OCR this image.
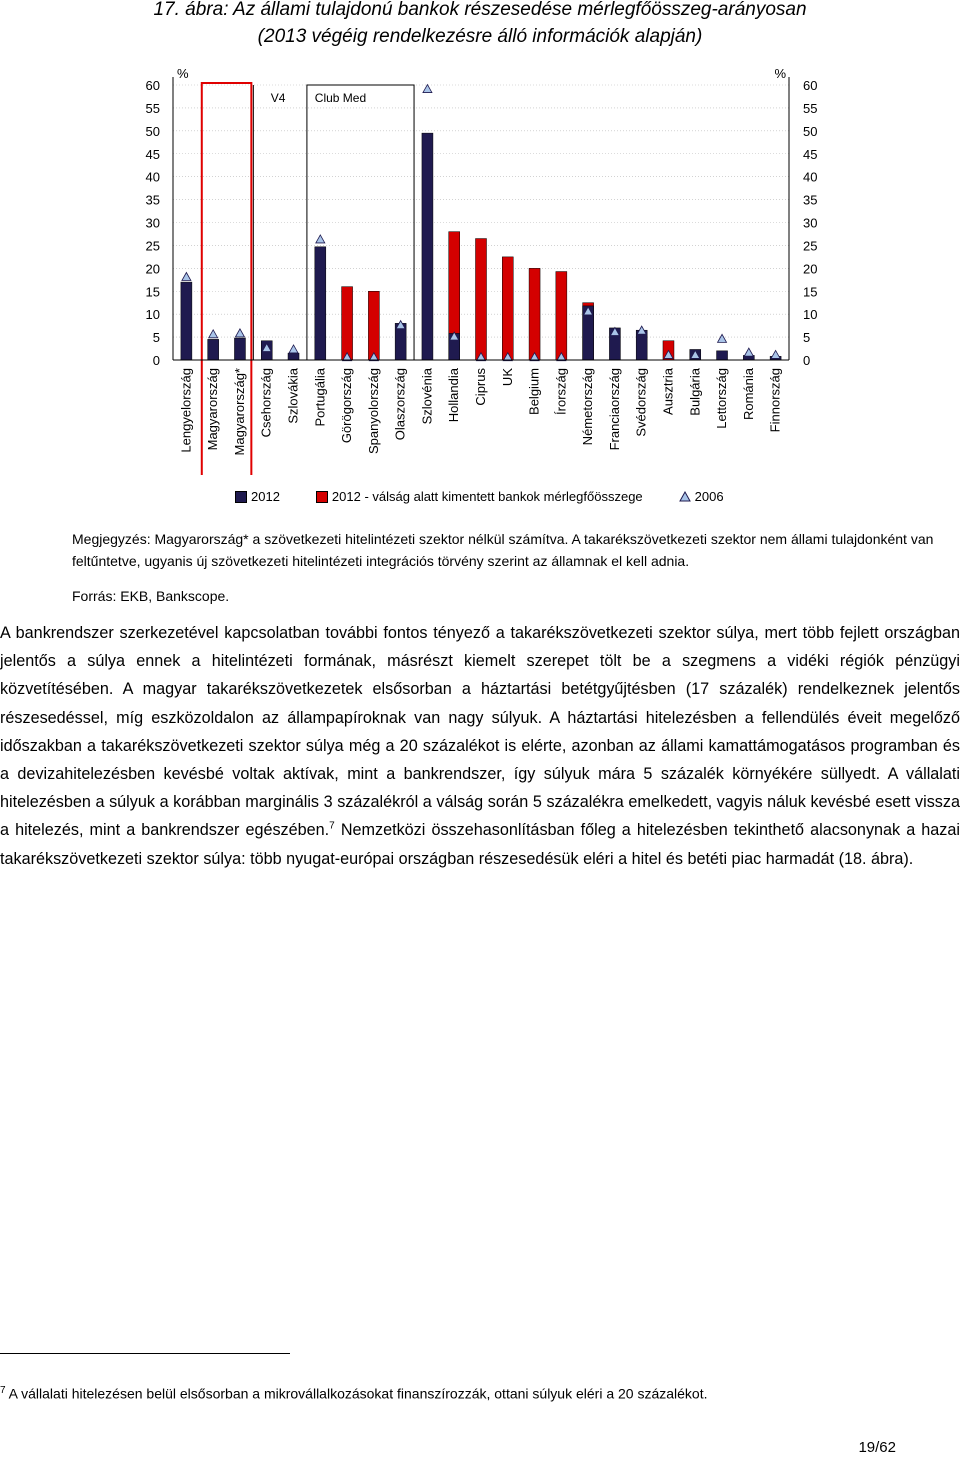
17. ábra: Az állami tulajdonú bankok részesedése mérlegfőösszeg-arányosan
(2013 végéig rendelkezésre álló információk alapján)
V4 Club Med
0	0
5	5
10	10
15	15
20	20
25	25
30	30
35	35
40	40
45	45
50	50
55	55
60	60
%	%
Lengyelország Magyarország Magyarország* Csehország Szlovákia Portugália Görögország Spanyolország Olaszország Szlovénia Hollandia Ciprus UK Belgium Írország Németország Franciaország Svédország Ausztria Bulgária Lettország Románia Finnország
2012	2012 - válság alatt kimentett bankok mérlegfőösszege	2006
Megjegyzés: Magyarország* a szövetkezeti hitelintézeti szektor nélkül számítva. A takarékszövetkezeti szektor nem állami tulajdonként van feltűntetve, ugyanis új szövetkezeti hitelintézeti integrációs törvény szerint az államnak el kell adnia.
Forrás: EKB, Bankscope.
A bankrendszer szerkezetével kapcsolatban további fontos tényező a takarékszövetkezeti szektor súlya, mert több fejlett országban jelentős a súlya ennek a hitelintézeti formának, másrészt kiemelt szerepet tölt be a szegmens a vidéki régiók pénzügyi közvetítésében. A magyar takarékszövetkezetek elsősorban a háztartási betétgyűjtésben (17 százalék) rendelkeznek jelentős részesedéssel, míg eszközoldalon az állampapíroknak van nagy súlyuk. A háztartási hitelezésben a fellendülés éveit megelőző időszakban a takarékszövetkezeti szektor súlya még a 20 százalékot is elérte, azonban az állami kamattámogatásos programban és a devizahitelezésben kevésbé voltak aktívak, mint a bankrendszer, így súlyuk mára 5 százalék környékére süllyedt. A vállalati hitelezésben a súlyuk a korábban marginális 3 százalékról a válság során 5 százalékra emelkedett, vagyis náluk kevésbé esett vissza a hitelezés, mint a bankrendszer egészében.$^7$ Nemzetközi összehasonlításban főleg a hitelezésben tekinthető alacsonynak a hazai takarékszövetkezeti szektor súlya: több nyugat-európai országban részesedésük eléri a hitel és betéti piac harmadát (18. ábra).
$^7$ A vállalati hitelezésen belül elsősorban a mikrovállalkozásokat finanszírozzák, ottani súlyuk eléri a 20 százalékot.
19/62
